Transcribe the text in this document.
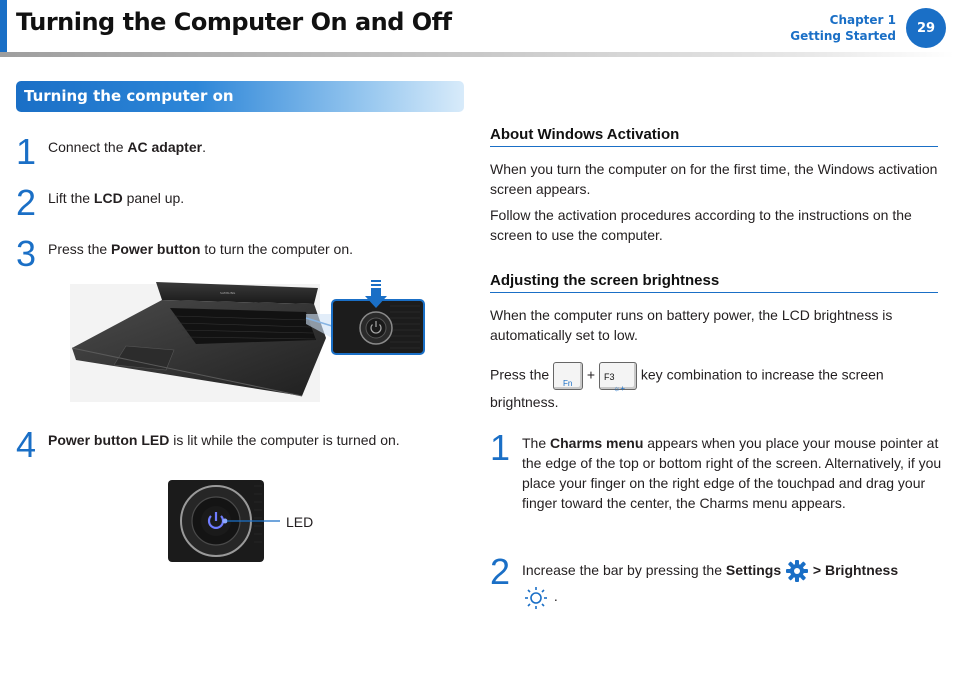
Turning the Computer On and Off	Chapter 1
Getting Started
29
Turning the computer on
1 Connect the AC adapter.
2 Lift the LCD panel up.
3 Press the Power button to turn the computer on.
SAMSUNG
4 Power button LED is lit while the computer is turned on.
LED
About Windows Activation
When you turn the computer on for the first time, the Windows activation screen appears.
Follow the activation procedures according to the instructions on the screen to use the computer.
Adjusting the screen brightness
When the computer runs on battery power, the LCD brightness is automatically set to low.
Press the
Fn
+ F3
☼+
key combination to increase the screen brightness.
1 The Charms menu appears when you place your mouse pointer at the edge of the top or bottom right of the screen. Alternatively, if you place your finger on the right edge of the touchpad and drag your finger toward the center, the Charms menu appears.
2 Increase the bar by pressing the Settings > Brightness
.
